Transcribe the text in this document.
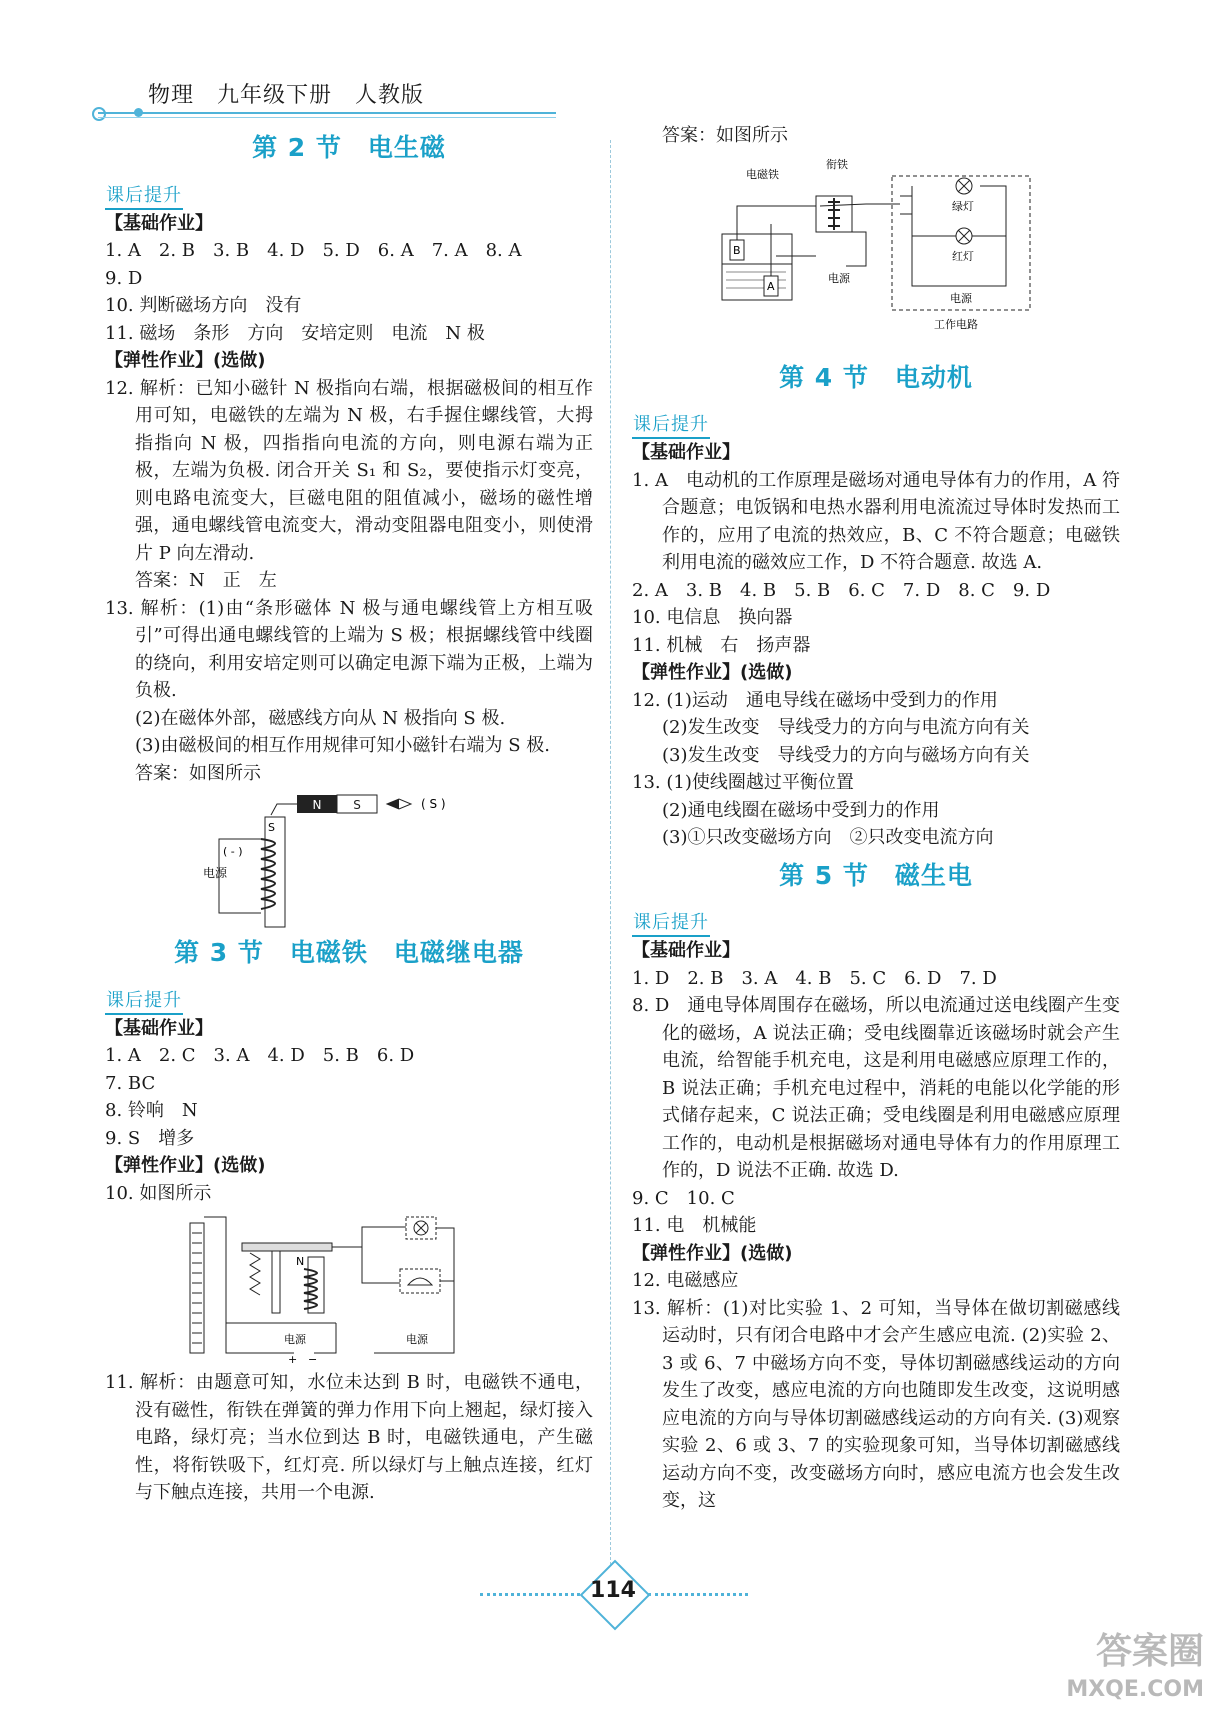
物理　九年级下册　人教版
第 2 节　电生磁
课后提升

【基础作业】

1. A　2. B　3. B　4. D　5. D　6. A　7. A　8. A

9. D

10. 判断磁场方向　没有

11. 磁场　条形　方向　安培定则　电流　N 极

【弹性作业】(选做)

12. 解析：已知小磁针 N 极指向右端，根据磁极间的相互作用可知，电磁铁的左端为 N 极，右手握住螺线管，大拇指指向 N 极，四指指向电流的方向，则电源右端为正极，左端为负极. 闭合开关 S₁ 和 S₂，要使指示灯变亮，则电路电流变大，巨磁电阻的阻值减小，磁场的磁性增强，通电螺线管电流变大，滑动变阻器电阻变小，则使滑片 P 向左滑动.

答案：N　正　左

13. 解析：(1)由“条形磁体 N 极与通电螺线管上方相互吸引”可得出通电螺线管的上端为 S 极；根据螺线管中线圈的绕向，利用安培定则可以确定电源下端为正极，上端为负极.

(2)在磁体外部，磁感线方向从 N 极指向 S 极.

(3)由磁极间的相互作用规律可知小磁针右端为 S 极.

答案：如图所示

N	S	( S )
S
( - )
电源
第 3 节　电磁铁　电磁继电器
课后提升

【基础作业】

1. A　2. C　3. A　4. D　5. B　6. D

7. BC

8. 铃响　N

9. S　增多

【弹性作业】(选做)

10. 如图所示

N
电源
+ −
电源

11. 解析：由题意可知，水位未达到 B 时，电磁铁不通电，没有磁性，衔铁在弹簧的弹力作用下向上翘起，绿灯接入电路，绿灯亮；当水位到达 B 时，电磁铁通电，产生磁性，将衔铁吸下，红灯亮. 所以绿灯与上触点连接，红灯与下触点连接，共用一个电源.

答案：如图所示

电磁铁
衔铁
B
A
电源
绿灯
红灯
电源
工作电路
第 4 节　电动机
课后提升

【基础作业】

1. A　电动机的工作原理是磁场对通电导体有力的作用，A 符合题意；电饭锅和电热水器利用电流流过导体时发热而工作的，应用了电流的热效应，B、C 不符合题意；电磁铁利用电流的磁效应工作，D 不符合题意. 故选 A.

2. A　3. B　4. B　5. B　6. C　7. D　8. C　9. D

10. 电信息　换向器

11. 机械　右　扬声器

【弹性作业】(选做)

12. (1)运动　通电导线在磁场中受到力的作用

(2)发生改变　导线受力的方向与电流方向有关

(3)发生改变　导线受力的方向与磁场方向有关

13. (1)使线圈越过平衡位置

(2)通电线圈在磁场中受到力的作用

(3)①只改变磁场方向　②只改变电流方向

第 5 节　磁生电
课后提升

【基础作业】

1. D　2. B　3. A　4. B　5. C　6. D　7. D

8. D　通电导体周围存在磁场，所以电流通过送电线圈产生变化的磁场，A 说法正确；受电线圈靠近该磁场时就会产生电流，给智能手机充电，这是利用电磁感应原理工作的，B 说法正确；手机充电过程中，消耗的电能以化学能的形式储存起来，C 说法正确；受电线圈是利用电磁感应原理工作的，电动机是根据磁场对通电导体有力的作用原理工作的，D 说法不正确. 故选 D.

9. C　10. C

11. 电　机械能

【弹性作业】(选做)

12. 电磁感应

13. 解析：(1)对比实验 1、2 可知，当导体在做切割磁感线运动时，只有闭合电路中才会产生感应电流. (2)实验 2、3 或 6、7 中磁场方向不变，导体切割磁感线运动的方向发生了改变，感应电流的方向也随即发生改变，这说明感应电流的方向与导体切割磁感线运动的方向有关. (3)观察实验 2、6 或 3、7 的实验现象可知，当导体切割磁感线运动方向不变，改变磁场方向时，感应电流方也会发生改变，这

114
答案圈
MXQE.COM
